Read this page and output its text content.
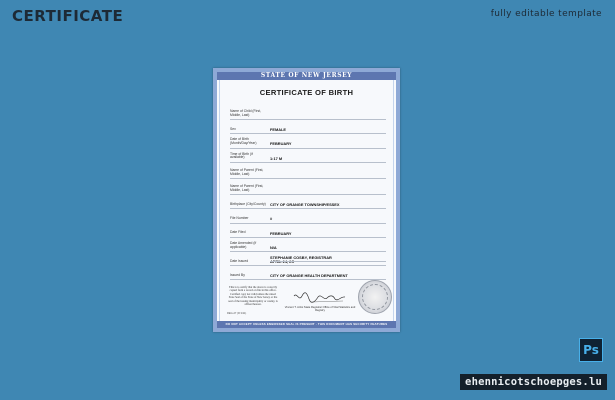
CERTIFICATE	fully editable template
STATE OF NEW JERSEY
CERTIFICATE OF BIRTH
Name of Child (First, Middle, Last)
Sex	FEMALE
Date of Birth (Month/Day/Year)	FEBRUARY
Time of Birth (if available)	1:17 M
Name of Parent (First, Middle, Last)
Name of Parent (First, Middle, Last)
Birthplace (City/County) CITY OF ORANGE TOWNSHIP/ESSEX
File Number	#
Date Filed	FEBRUARY
Date Amended (if applicable)	N/A
Date Issued	APRIL 24, 2C
Issued By	CITY OF ORANGE HEALTH DEPARTMENT
STEPHANIE COSBY, REGISTRAR
This is to certify that the above is correctly copied from a record on file in this office. Certified copy not valid unless the raised State Seal of the State of New Jersey or the seal of the issuing municipality or county, is affixed hereon.
REG-27 (R 3/11)
Vincent T. Arrisi State Registrar Office of Vital Statistics and Registry
DO NOT ACCEPT UNLESS EMBOSSED SEAL IS PRESENT · THIS DOCUMENT HAS SECURITY FEATURES
Ps
ehennicotschoepges.lu
